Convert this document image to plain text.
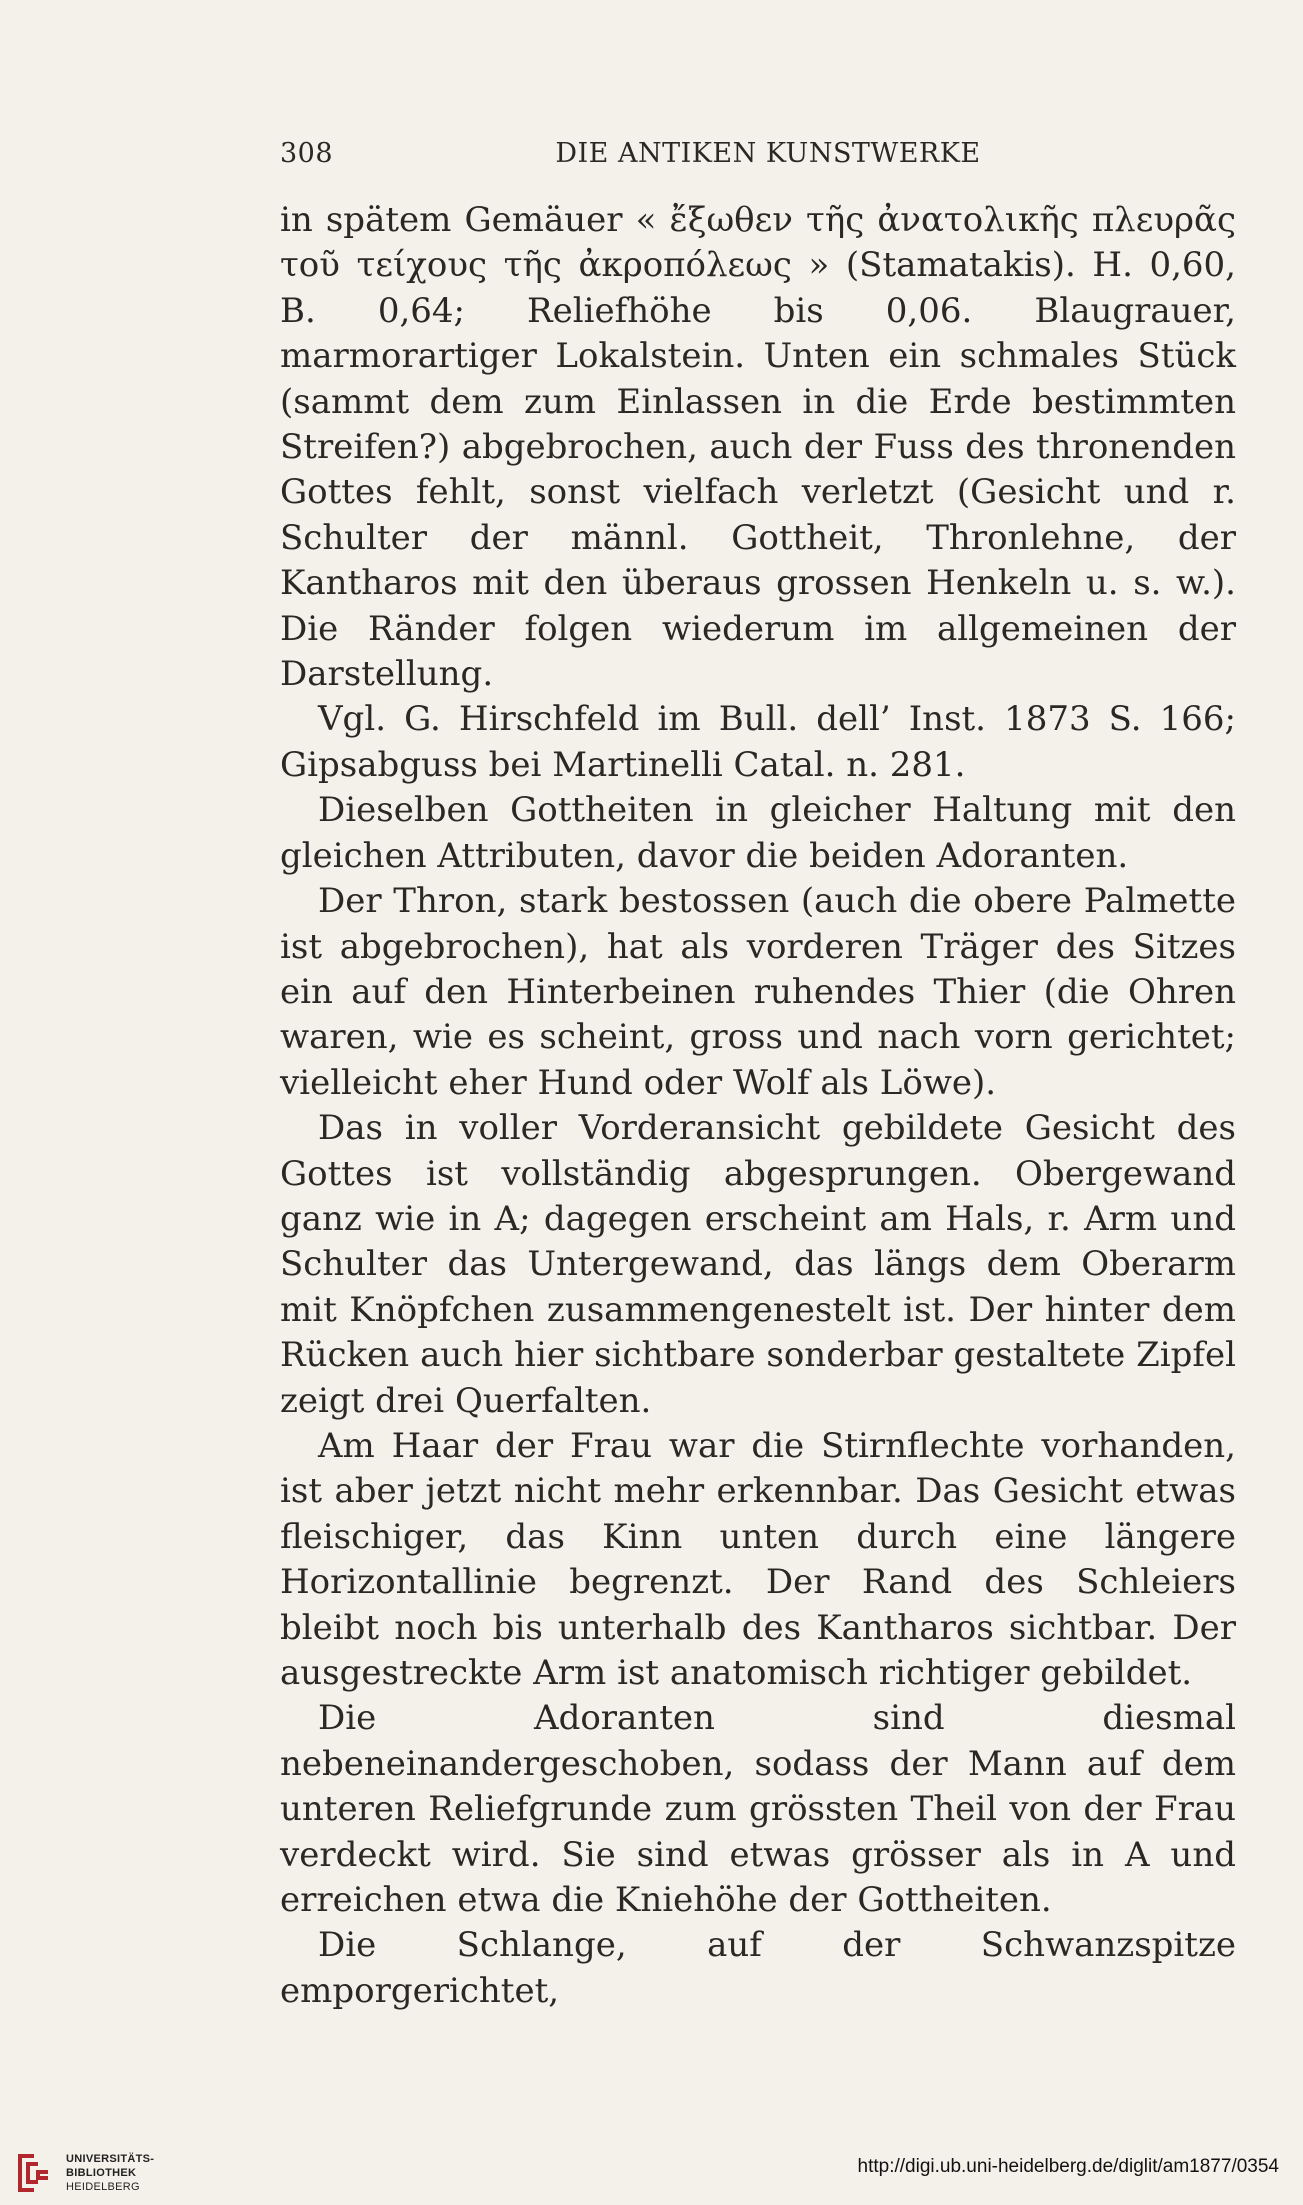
308	DIE ANTIKEN KUNSTWERKE

in spätem Gemäuer « ἔξωθεν τῆς ἀνατολικῆς πλευρᾶς τοῦ τείχους τῆς ἀκροπόλεως » (Stamatakis). H. 0,60, B. 0,64; Reliefhöhe bis 0,06. Blaugrauer, marmorartiger Lokalstein. Unten ein schmales Stück (sammt dem zum Einlassen in die Erde bestimmten Streifen?) abgebrochen, auch der Fuss des thronenden Gottes fehlt, sonst vielfach verletzt (Gesicht und r. Schulter der männl. Gottheit, Thronlehne, der Kantharos mit den überaus grossen Henkeln u. s. w.). Die Ränder folgen wiederum im allgemeinen der Darstellung.

Vgl. G. Hirschfeld im Bull. dell’ Inst. 1873 S. 166; Gipsabguss bei Martinelli Catal. n. 281.

Dieselben Gottheiten in gleicher Haltung mit den gleichen Attributen, davor die beiden Adoranten.

Der Thron, stark bestossen (auch die obere Palmette ist abgebrochen), hat als vorderen Träger des Sitzes ein auf den Hinterbeinen ruhendes Thier (die Ohren waren, wie es scheint, gross und nach vorn gerichtet; vielleicht eher Hund oder Wolf als Löwe).

Das in voller Vorderansicht gebildete Gesicht des Gottes ist vollständig abgesprungen. Obergewand ganz wie in A; dagegen erscheint am Hals, r. Arm und Schulter das Untergewand, das längs dem Oberarm mit Knöpfchen zusammengenestelt ist. Der hinter dem Rücken auch hier sichtbare sonderbar gestaltete Zipfel zeigt drei Querfalten.

Am Haar der Frau war die Stirnflechte vorhanden, ist aber jetzt nicht mehr erkennbar. Das Gesicht etwas fleischiger, das Kinn unten durch eine längere Horizontallinie begrenzt. Der Rand des Schleiers bleibt noch bis unterhalb des Kantharos sichtbar. Der ausgestreckte Arm ist anatomisch richtiger gebildet.

Die Adoranten sind diesmal nebeneinandergeschoben, sodass der Mann auf dem unteren Reliefgrunde zum grössten Theil von der Frau verdeckt wird. Sie sind etwas grösser als in A und erreichen etwa die Kniehöhe der Gottheiten.

Die Schlange, auf der Schwanzspitze emporgerichtet,

UNIVERSITÄTS-
BIBLIOTHEK
HEIDELBERG
http://digi.ub.uni-heidelberg.de/diglit/am1877/0354
